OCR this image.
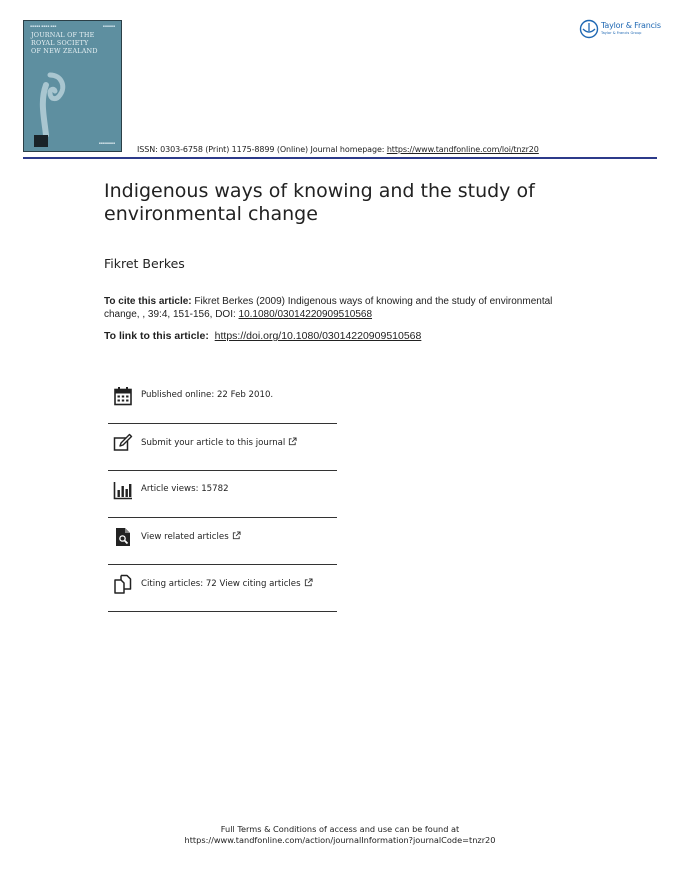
▪▪▪▪▪ ▪▪▪▪ ▪▪▪	▪▪▪▪▪▪
JOURNAL OF THE
ROYAL SOCIETY
OF NEW ZEALAND
▪▪▪▪▪▪▪▪
ISSN: 0303-6758 (Print) 1175-8899 (Online) Journal homepage: https://www.tandfonline.com/loi/tnzr20
Taylor & Francis
Taylor & Francis Group
Indigenous ways of knowing and the study of environmental change
Fikret Berkes
To cite this article: Fikret Berkes (2009) Indigenous ways of knowing and the study of environmental change, , 39:4, 151-156, DOI: 10.1080/03014220909510568
To link to this article: https://doi.org/10.1080/03014220909510568
Published online: 22 Feb 2010.
Submit your article to this journal
Article views: 15782
View related articles
Citing articles: 72 View citing articles
Full Terms & Conditions of access and use can be found at
https://www.tandfonline.com/action/journalInformation?journalCode=tnzr20
